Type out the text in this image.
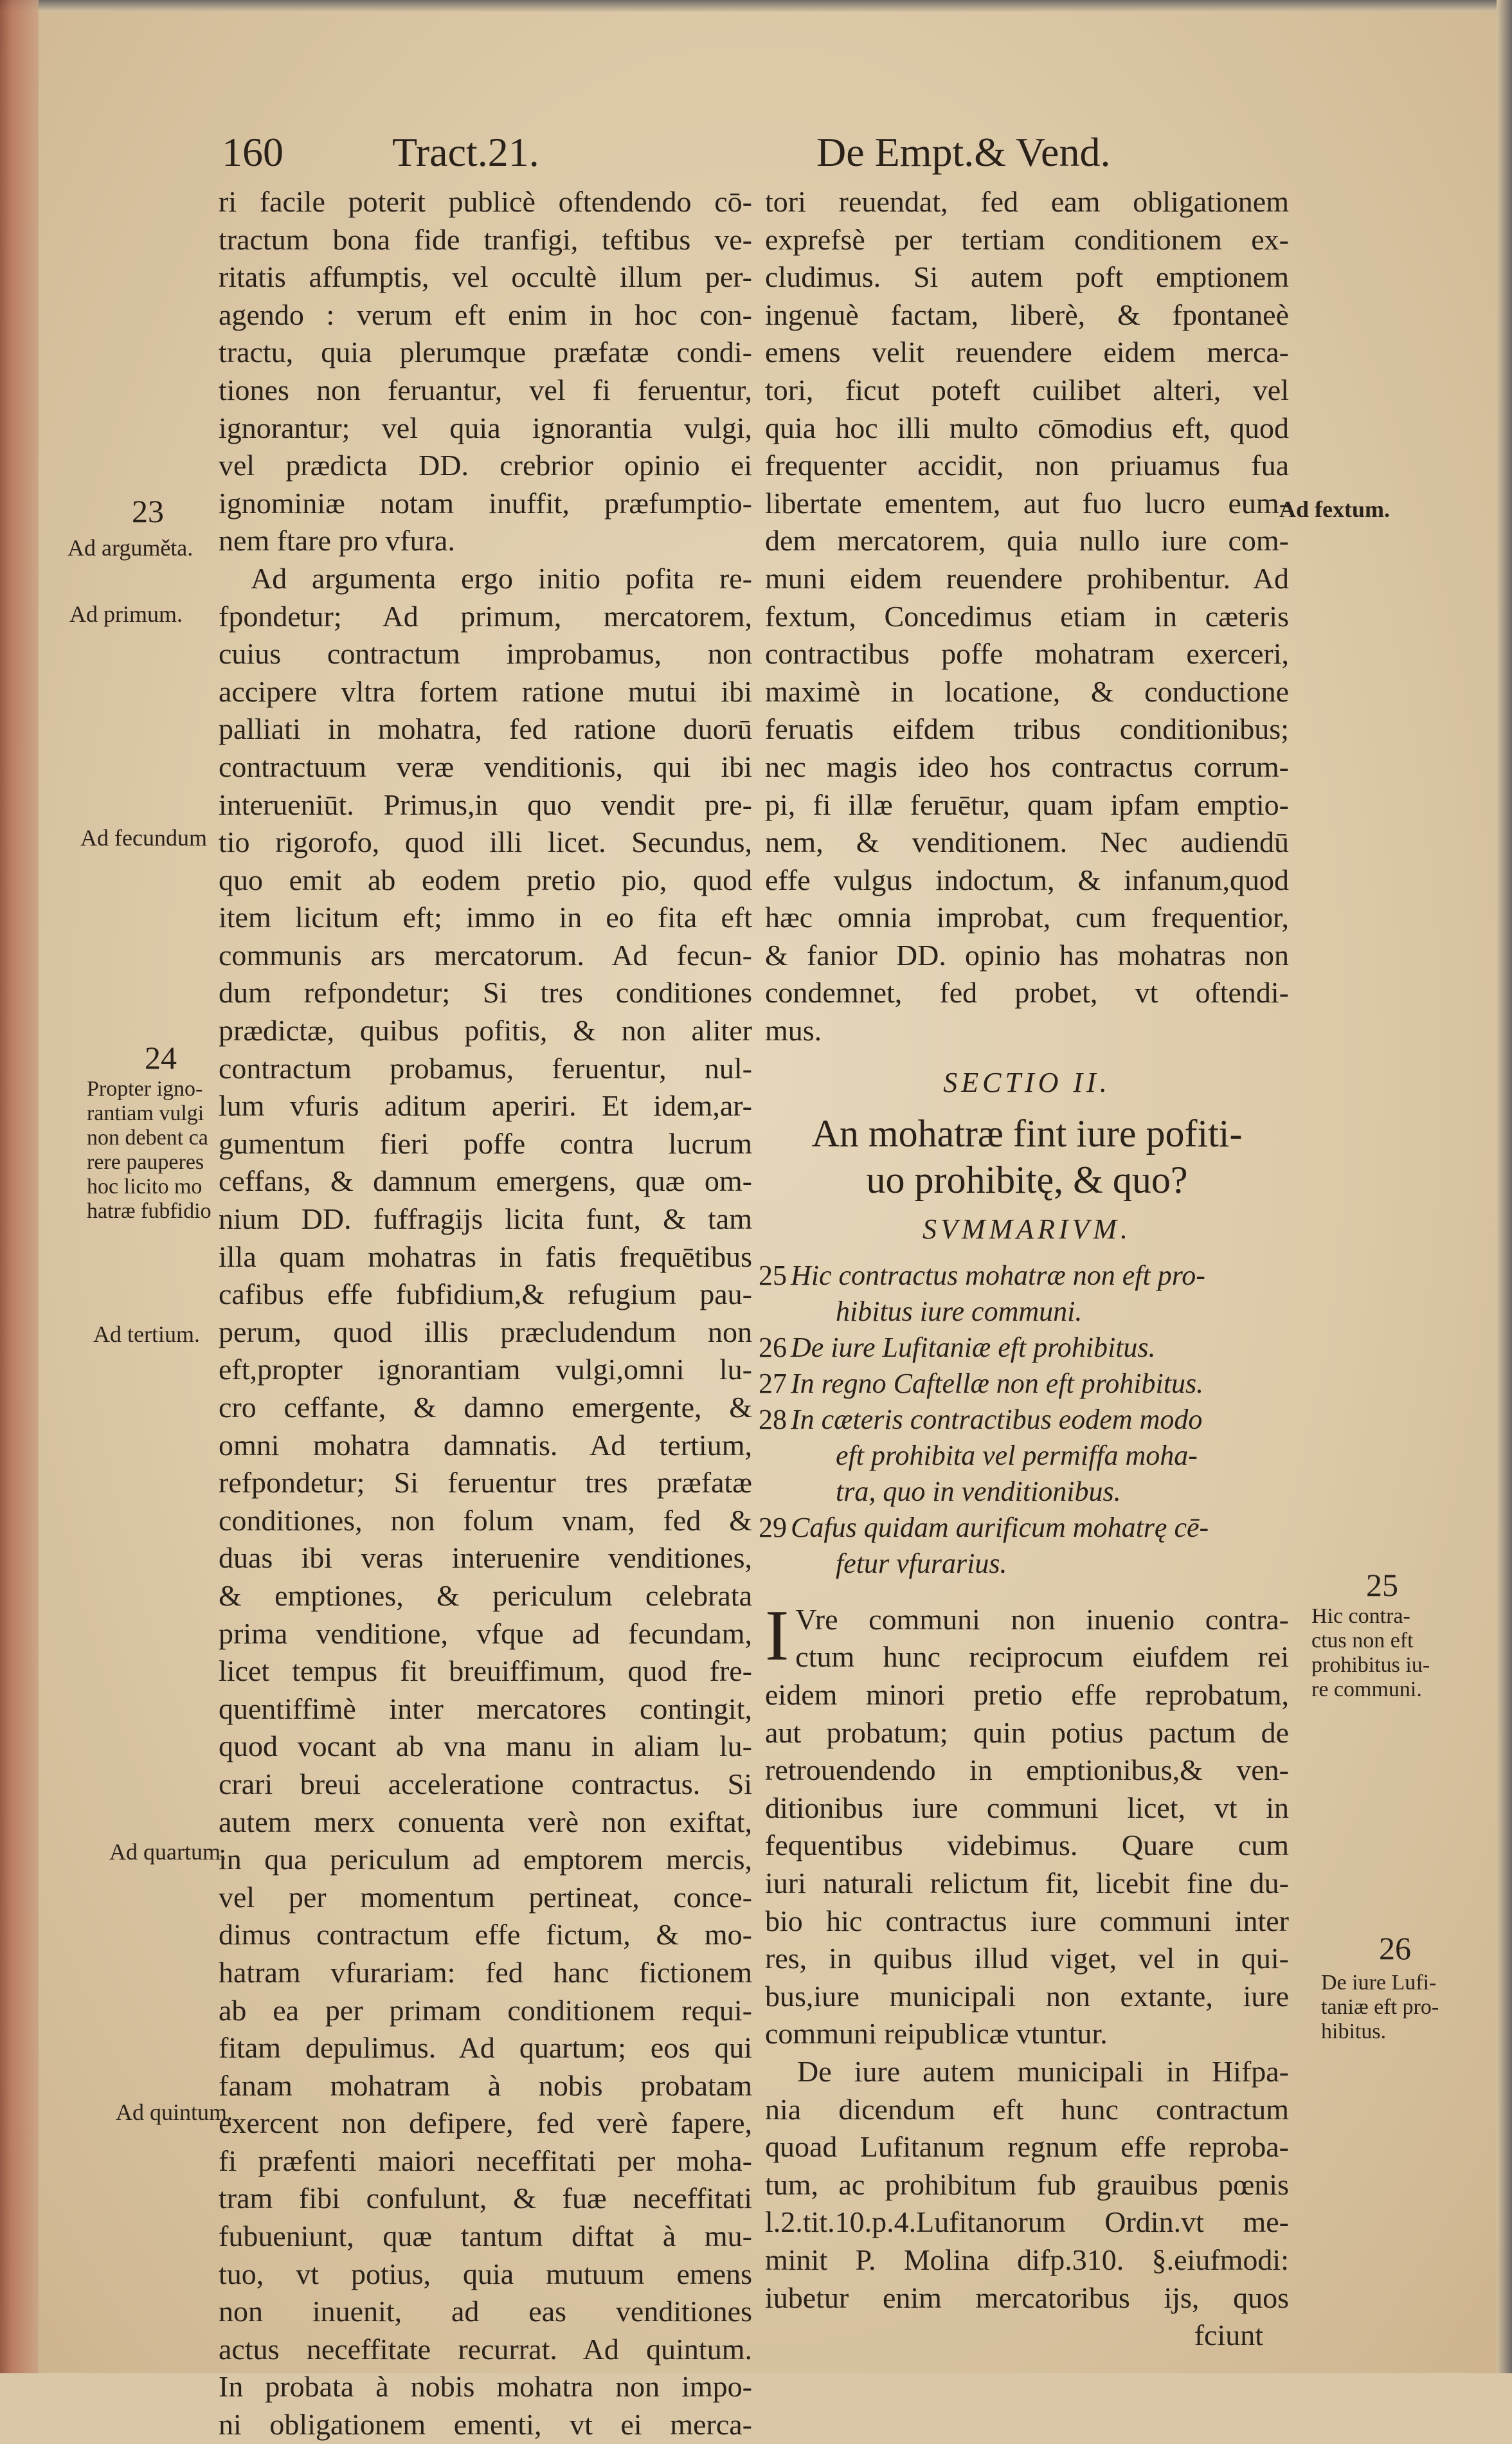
160	Tract.21.	De Empt.& Vend.
ri facile poterit publicè oftendendo cō-
tractum bona fide tranfigi, teftibus ve-
ritatis affumptis, vel occultè illum per-
agendo : verum eft enim in hoc con-
tractu, quia plerumque præfatæ condi-
tiones non feruantur, vel fi feruentur,
ignorantur; vel quia ignorantia vulgi,
vel prædicta DD. crebrior opinio ei
ignominiæ notam inuffit, præfumptio-
nem ftare pro vfura.
Ad argumenta ergo initio pofita re-
fpondetur; Ad primum, mercatorem,
cuius contractum improbamus, non
accipere vltra fortem ratione mutui ibi
palliati in mohatra, fed ratione duorū
contractuum veræ venditionis, qui ibi
interueniūt. Primus,in quo vendit pre-
tio rigorofo, quod illi licet. Secundus,
quo emit ab eodem pretio pio, quod
item licitum eft; immo in eo fita eft
communis ars mercatorum. Ad fecun-
dum refpondetur; Si tres conditiones
prædictæ, quibus pofitis, & non aliter
contractum probamus, feruentur, nul-
lum vfuris aditum aperiri. Et idem,ar-
gumentum fieri poffe contra lucrum
ceffans, & damnum emergens, quæ om-
nium DD. fuffragijs licita funt, & tam
illa quam mohatras in fatis frequētibus
cafibus effe fubfidium,& refugium pau-
perum, quod illis præcludendum non
eft,propter ignorantiam vulgi,omni lu-
cro ceffante, & damno emergente, &
omni mohatra damnatis. Ad tertium,
refpondetur; Si feruentur tres præfatæ
conditiones, non folum vnam, fed &
duas ibi veras interuenire venditiones,
& emptiones, & periculum celebrata
prima venditione, vfque ad fecundam,
licet tempus fit breuiffimum, quod fre-
quentiffimè inter mercatores contingit,
quod vocant ab vna manu in aliam lu-
crari breui acceleratione contractus. Si
autem merx conuenta verè non exiftat,
in qua periculum ad emptorem mercis,
vel per momentum pertineat, conce-
dimus contractum effe fictum, & mo-
hatram vfurariam: fed hanc fictionem
ab ea per primam conditionem requi-
fitam depulimus. Ad quartum; eos qui
fanam mohatram à nobis probatam
exercent non defipere, fed verè fapere,
fi præfenti maiori neceffitati per moha-
tram fibi confulunt, & fuæ neceffitati
fubueniunt, quæ tantum diftat à mu-
tuo, vt potius, quia mutuum emens
non inuenit, ad eas venditiones
actus neceffitate recurrat. Ad quintum.
In probata à nobis mohatra non impo-
ni obligationem ementi, vt ei merca-
23
Ad arguměta.
Ad primum.
Ad fecundum
24
Propter igno-
rantiam vulgi
non debent ca
rere pauperes
hoc licito mo
hatræ fubfidio
Ad tertium.
Ad quartum.
Ad quintum.
tori reuendat, fed eam obligationem
exprefsè per tertiam conditionem ex-
cludimus. Si autem poft emptionem
ingenuè factam, liberè, & fpontaneè
emens velit reuendere eidem merca-
tori, ficut poteft cuilibet alteri, vel
quia hoc illi multo cōmodius eft, quod
frequenter accidit, non priuamus fua
libertate ementem, aut fuo lucro eum-
dem mercatorem, quia nullo iure com-
muni eidem reuendere prohibentur. Ad
fextum, Concedimus etiam in cæteris
contractibus poffe mohatram exerceri,
maximè in locatione, & conductione
feruatis eifdem tribus conditionibus;
nec magis ideo hos contractus corrum-
pi, fi illæ feruētur, quam ipfam emptio-
nem, & venditionem. Nec audiendū
effe vulgus indoctum, & infanum,quod
hæc omnia improbat, cum frequentior,
& fanior DD. opinio has mohatras non
condemnet, fed probet, vt oftendi-
mus.
SECTIO II.
An mohatræ fint iure pofiti-
uo prohibitę, & quo?
SVMMARIVM.
25 Hic contractus mohatræ non eft pro-
hibitus iure communi.
26 De iure Lufitaniæ eft prohibitus.
27 In regno Caftellæ non eft prohibitus.
28 In cæteris contractibus eodem modo
eft prohibita vel permiffa moha-
tra, quo in venditionibus.
29 Cafus quidam aurificum mohatrę cē-
fetur vfurarius.
I Vre communi non inuenio contra-
ctum hunc reciprocum eiufdem rei
eidem minori pretio effe reprobatum,
aut probatum; quin potius pactum de
retrouendendo in emptionibus,& ven-
ditionibus iure communi licet, vt in
fequentibus videbimus. Quare cum
iuri naturali relictum fit, licebit fine du-
bio hic contractus iure communi inter
res, in quibus illud viget, vel in qui-
bus,iure municipali non extante, iure
communi reipublicæ vtuntur.
De iure autem municipali in Hifpa-
nia dicendum eft hunc contractum
quoad Lufitanum regnum effe reproba-
tum, ac prohibitum fub grauibus pœnis
l.2.tit.10.p.4.Lufitanorum Ordin.vt me-
minit P. Molina difp.310. §.eiufmodi:
iubetur enim mercatoribus ijs, quos
fciunt
Ad fextum.
25
Hic contra-
ctus non eft
prohibitus iu-
re communi.
26
De iure Lufi-
taniæ eft pro-
hibitus.
